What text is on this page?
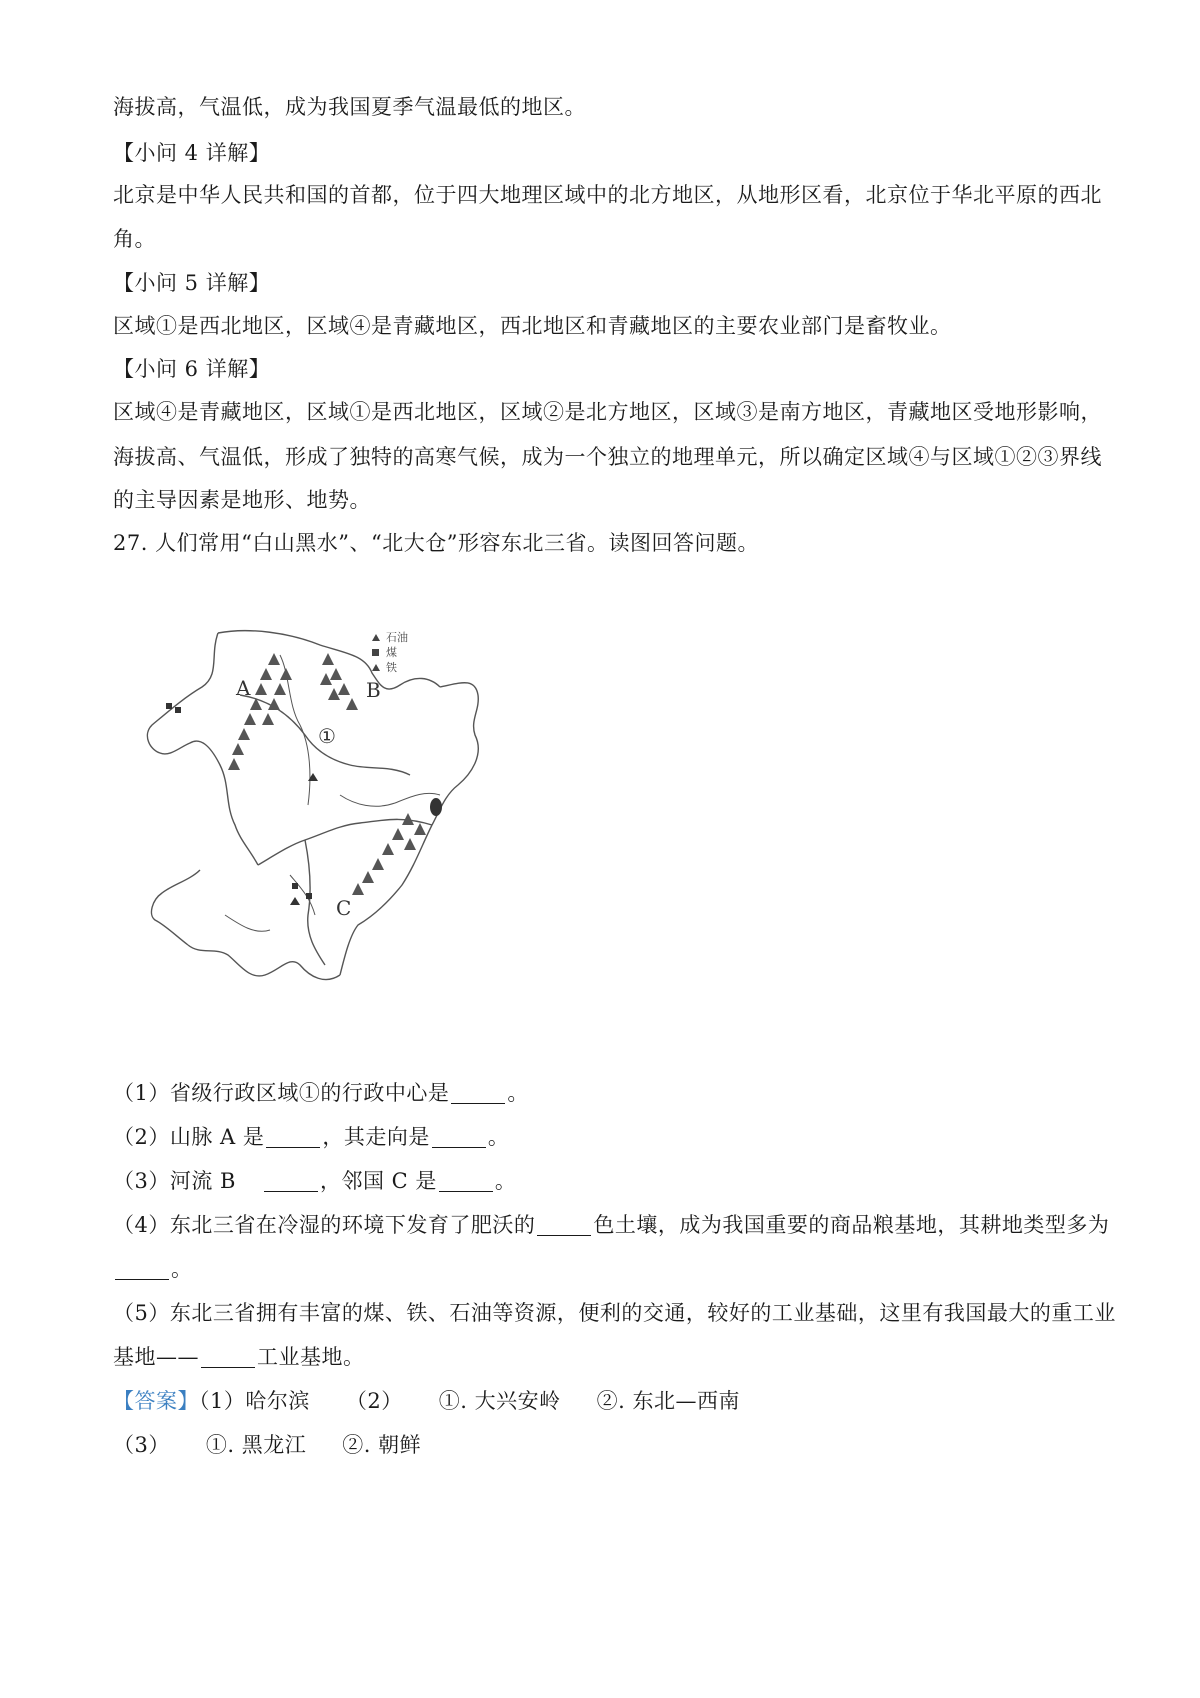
海拔高，气温低，成为我国夏季气温最低的地区。
【小问 4 详解】
北京是中华人民共和国的首都，位于四大地理区域中的北方地区，从地形区看，北京位于华北平原的西北
角。
【小问 5 详解】
区域①是西北地区，区域④是青藏地区，西北地区和青藏地区的主要农业部门是畜牧业。
【小问 6 详解】
区域④是青藏地区，区域①是西北地区，区域②是北方地区，区域③是南方地区，青藏地区受地形影响，
海拔高、气温低，形成了独特的高寒气候，成为一个独立的地理单元，所以确定区域④与区域①②③界线
的主导因素是地形、地势。
27. 人们常用“白山黑水”、“北大仓”形容东北三省。读图回答问题。
石油
煤
铁
A	B
C
①
（1）省级行政区域①的行政中心是	。
（2）山脉 A 是	，其走向是	。
（3）河流 B	，邻国 C 是	。
（4）东北三省在冷湿的环境下发育了肥沃的	色土壤，成为我国重要的商品粮基地，其耕地类型多为
。
（5）东北三省拥有丰富的煤、铁、石油等资源，便利的交通，较好的工业基础，这里有我国最大的重工业
基地——	工业基地。
【答案】（1）哈尔滨 （2） ①. 大兴安岭 ②. 东北—西南
（3） ①. 黑龙江 ②. 朝鲜
